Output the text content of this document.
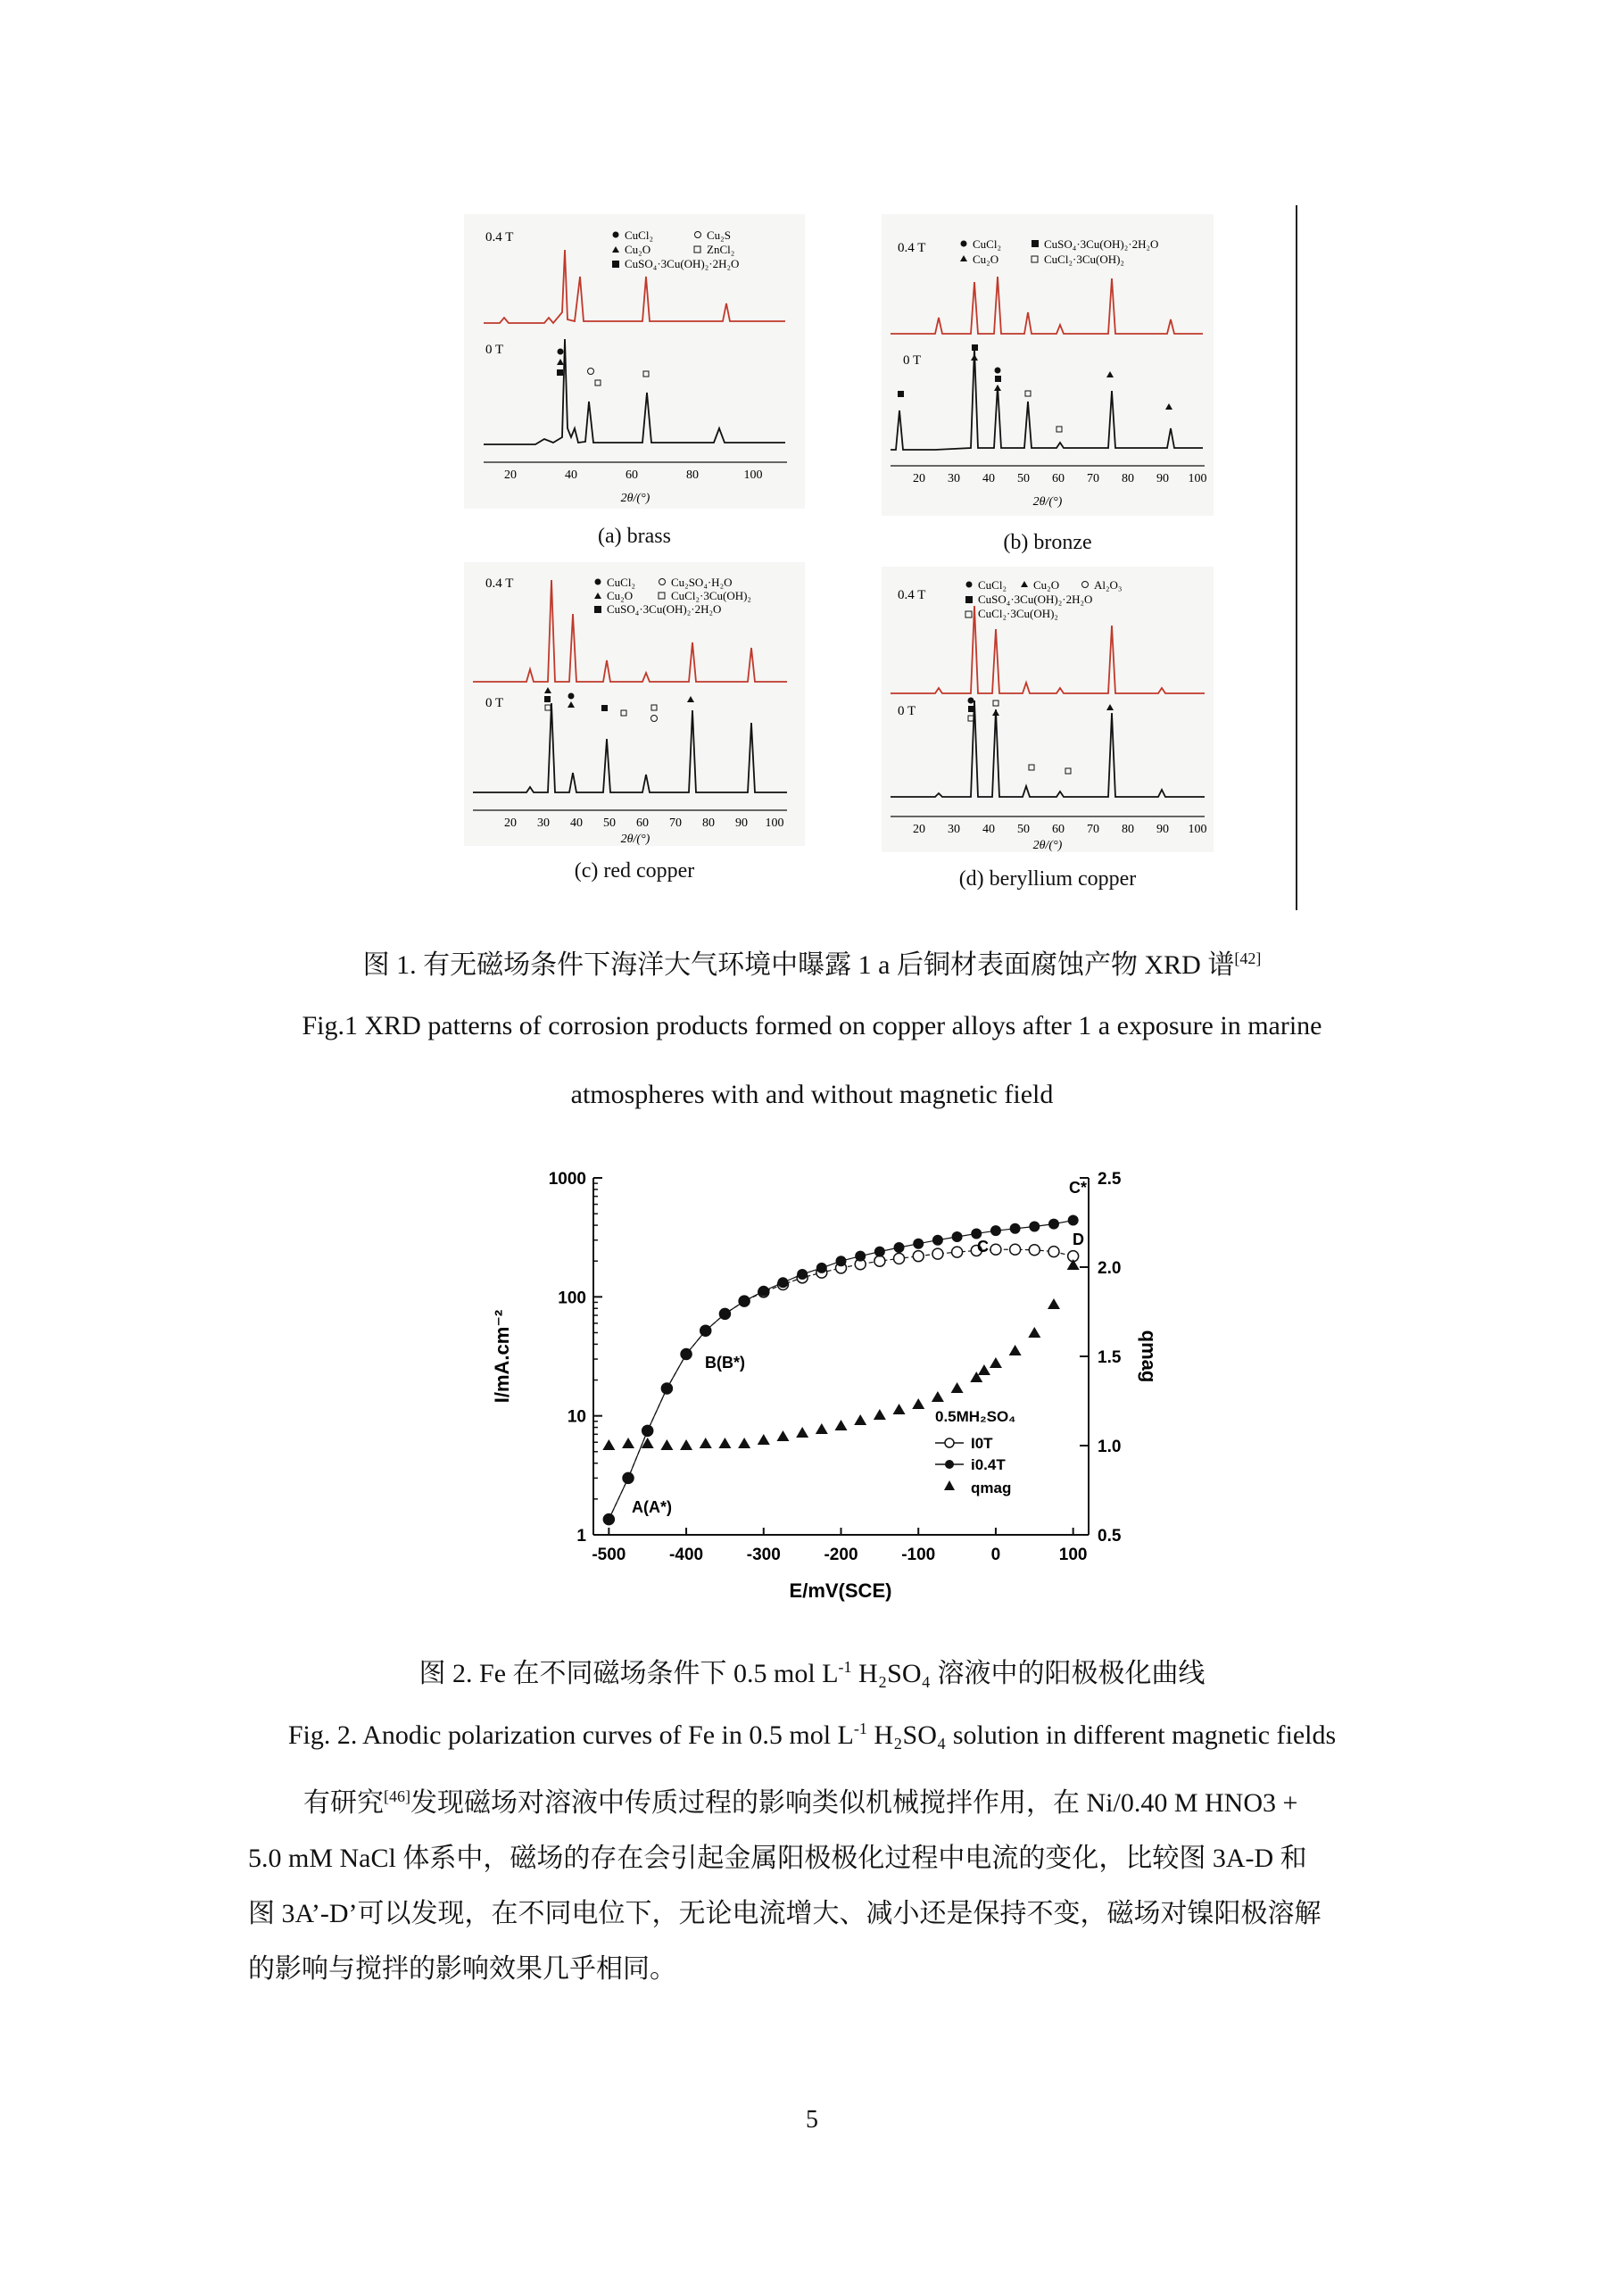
0.4 T
0 T
CuCl₂	Cu₂S
Cu₂O	ZnCl₂
CuSO₄·3Cu(OH)₂·2H₂O
20	40	60	80	100
2θ/(°)
(a) brass
0.4 T
0 T
CuCl₂	CuSO₄·3Cu(OH)₂·2H₂O
Cu₂O	CuCl₂·3Cu(OH)₂
20 30 40 50 60 70 80 90 100
2θ/(°)
(b) bronze
0.4 T
0 T
CuCl₂	Cu₂SO₄·H₂O
Cu₂O	CuCl₂·3Cu(OH)₂
CuSO₄·3Cu(OH)₂·2H₂O
20 30 40 50 60 70 80 90 100
2θ/(°)
(c) red copper
0.4 T
0 T
CuCl₂ Cu₂O	Al₂O₃
CuSO₄·3Cu(OH)₂·2H₂O
CuCl₂·3Cu(OH)₂
20 30 40 50 60 70 80 90 100
2θ/(°)
(d) beryllium copper
图 1. 有无磁场条件下海洋大气环境中曝露 1 a 后铜材表面腐蚀产物 XRD 谱[42]
Fig.1 XRD patterns of corrosion products formed on copper alloys after 1 a exposure in marine
atmospheres with and without magnetic field
-500	-400	-300	-200	-100	0	100
1
10
100
1000
0.5
1.0
1.5
2.0
2.5
E/mV(SCE)
I/mA.cm⁻²	qmag
A(A*)
B(B*)
C
C*
D
0.5MH₂SO₄
I0T
i0.4T
qmag
图 2. Fe 在不同磁场条件下 0.5 mol $L^{-1}$ H₂SO₄ 溶液中的阳极极化曲线
Fig. 2. Anodic polarization curves of Fe in 0.5 mol $L^{-1}$ H₂SO₄ solution in different magnetic fields
有研究[46]发现磁场对溶液中传质过程的影响类似机械搅拌作用，在 Ni/0.40 M HNO3 +
5.0 mM NaCl 体系中，磁场的存在会引起金属阳极极化过程中电流的变化，比较图 3A-D 和
图 3A’-D’可以发现，在不同电位下，无论电流增大、减小还是保持不变，磁场对镍阳极溶解
的影响与搅拌的影响效果几乎相同。
5
